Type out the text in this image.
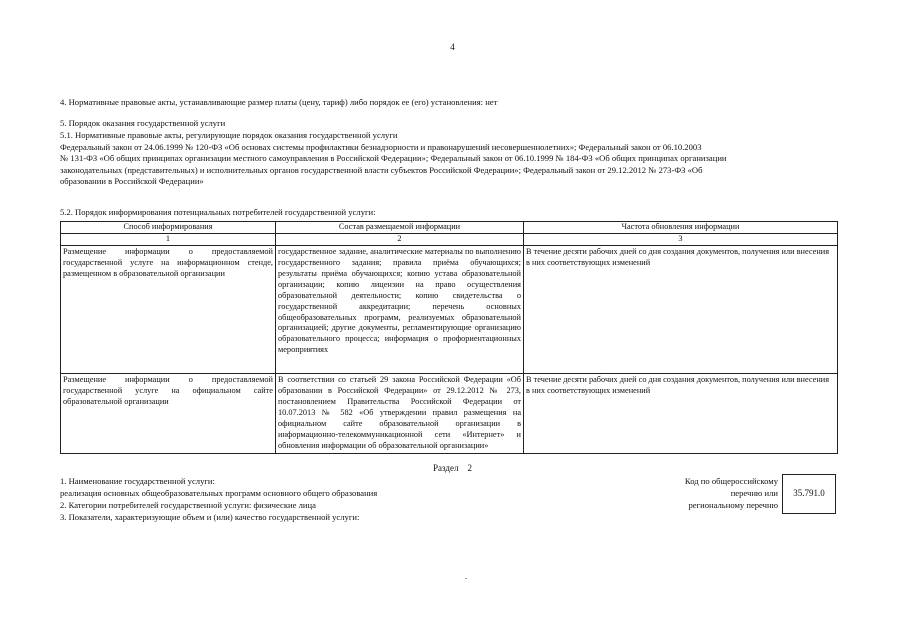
4
4. Нормативные правовые акты, устанавливающие размер платы (цену, тариф) либо порядок ее (его) установления: нет
5. Порядок оказания государственной услуги
5.1. Нормативные правовые акты, регулирующие порядок оказания государственной услуги
Федеральный закон от 24.06.1999 № 120-ФЗ «Об основах системы профилактики безнадзорности и правонарушений несовершеннолетних»; Федеральный закон от 06.10.2003
№ 131-ФЗ «Об общих принципах организации местного самоуправления в Российской Федерации»; Федеральный закон от 06.10.1999 № 184-ФЗ «Об общих принципах организации
законодательных (представительных) и исполнительных органов государственной власти субъектов Российской Федерации»; Федеральный закон от 29.12.2012 № 273-ФЗ «Об
образовании в Российской Федерации»
5.2. Порядок информирования потенциальных потребителей государственной услуги:
Способ информирования	Состав размещаемой информации	Частота обновления информации
1	2	3
Размещение информации о предоставляемой государственной услуге на информационном стенде, размещенном в образовательной организации	государственное задание, аналитические материалы по выполнению государственного задания; правила приёма обучающихся; результаты приёма обучающихся; копию устава образовательной организации; копию лицензии на право осуществления образовательной деятельности; копию свидетельства о государственной аккредитации; перечень основных общеобразовательных программ, реализуемых образовательной организацией; другие документы, регламентирующие организацию образовательного процесса; информация о профориентационных мероприятиях	В течение десяти рабочих дней со дня создания документов, получения или внесения в них соответствующих изменений
Размещение информации о предоставляемой государственной услуге на официальном сайте образовательной организации	В соответствии со статьей 29 закона Российской Федерации «Об образовании в Российской Федерации» от 29.12.2012 № 273, постановлением Правительства Российской Федерации от 10.07.2013 № 582 «Об утверждении правил размещения на официальном сайте образовательной организации в информационно-телекоммуникационной сети «Интернет» и обновления информации об образовательной организации»	В течение десяти рабочих дней со дня создания документов, получения или внесения в них соответствующих изменений
Раздел    2
1. Наименование государственной услуги:
реализация основных общеобразовательных программ основного общего образования
2. Категории потребителей государственной услуги: физические лица
3. Показатели, характеризующие объем и (или) качество государственной услуги:
Код по общероссийскому
перечню или
региональному перечню
35.791.0
